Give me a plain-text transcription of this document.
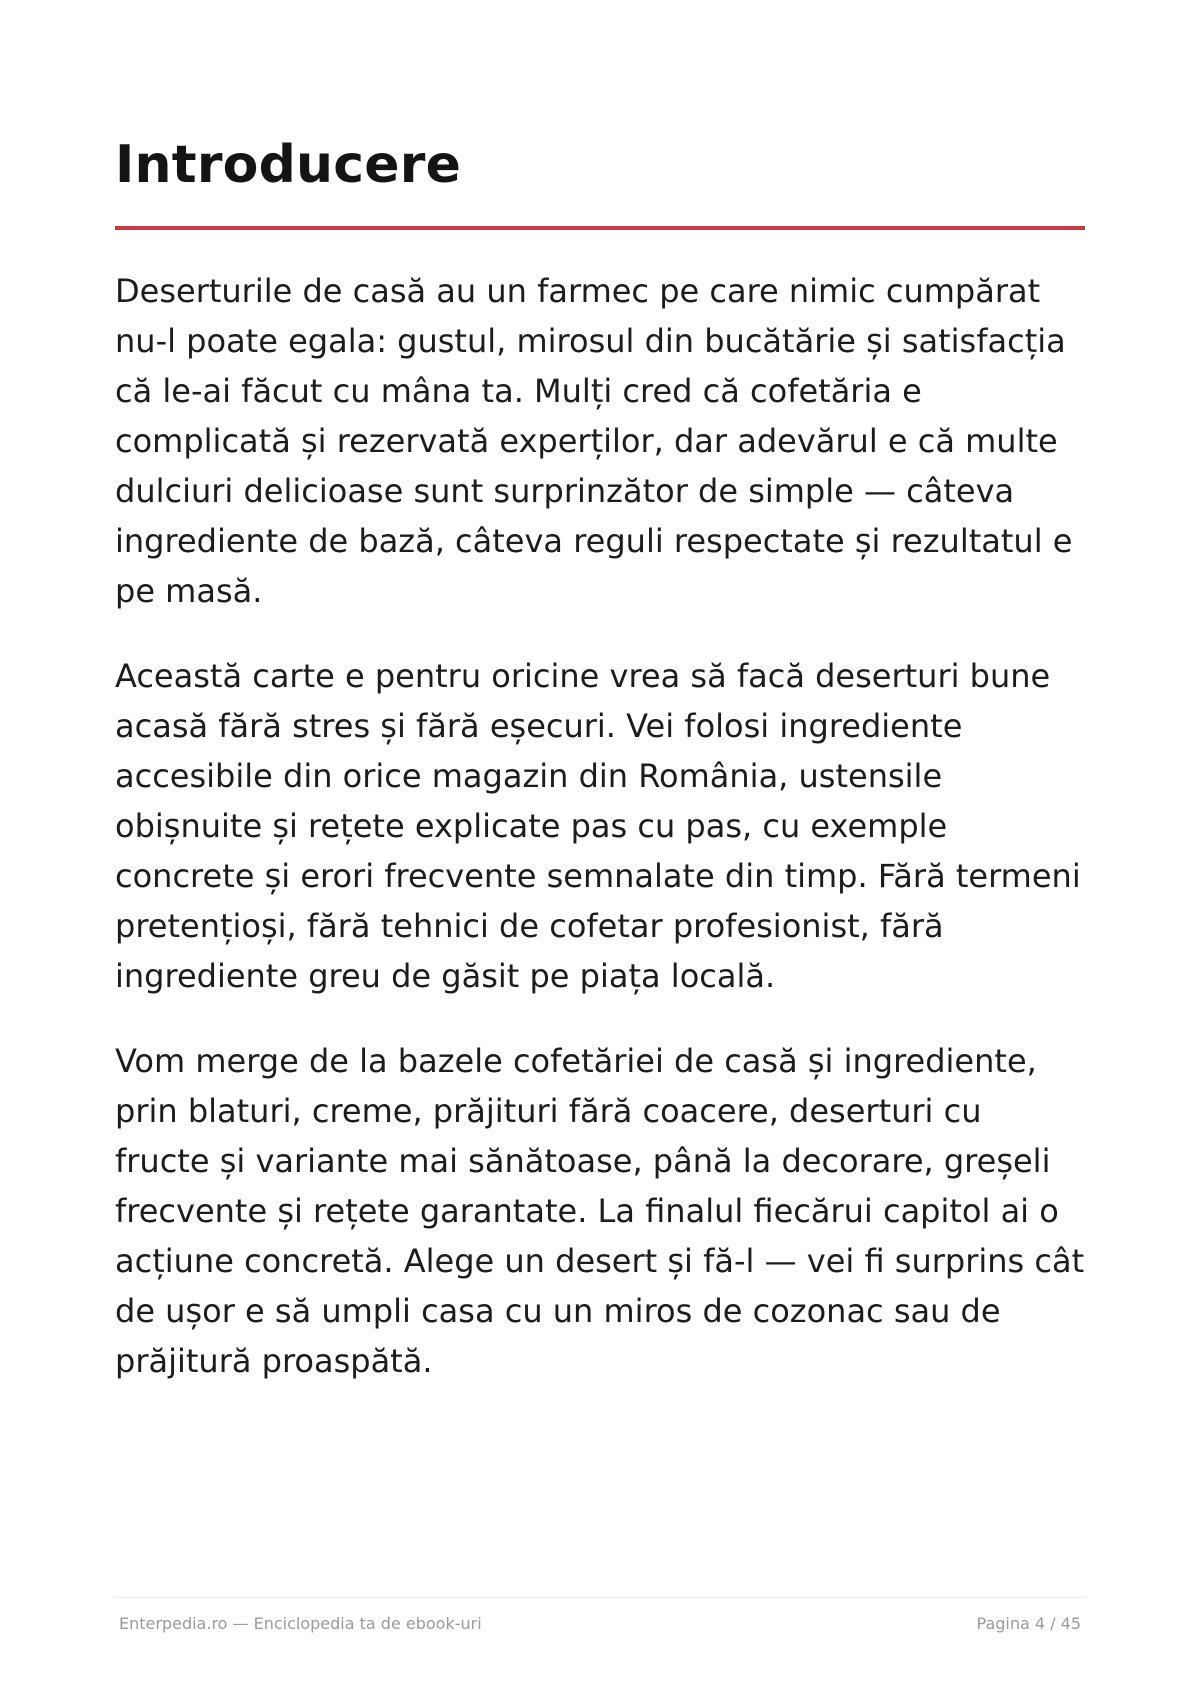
Introducere

Deserturile de casă au un farmec pe care nimic cumpărat nu-l poate egala: gustul, mirosul din bucătărie și satisfacția că le-ai făcut cu mâna ta. Mulți cred că cofetăria e complicată și rezervată experților, dar adevărul e că multe dulciuri delicioase sunt surprinzător de simple — câteva ingrediente de bază, câteva reguli respectate și rezultatul e pe masă.

Această carte e pentru oricine vrea să facă deserturi bune acasă fără stres și fără eșecuri. Vei folosi ingrediente accesibile din orice magazin din România, ustensile obișnuite și rețete explicate pas cu pas, cu exemple concrete și erori frecvente semnalate din timp. Fără termeni pretențioși, fără tehnici de cofetar profesionist, fără ingrediente greu de găsit pe piața locală.

Vom merge de la bazele cofetăriei de casă și ingrediente, prin blaturi, creme, prăjituri fără coacere, deserturi cu fructe și variante mai sănătoase, până la decorare, greșeli frecvente și rețete garantate. La finalul fiecărui capitol ai o acțiune concretă. Alege un desert și fă-l — vei fi surprins cât de ușor e să umpli casa cu un miros de cozonac sau de prăjitură proaspătă.

Enterpedia.ro — Enciclopedia ta de ebook-uri	Pagina 4 / 45
